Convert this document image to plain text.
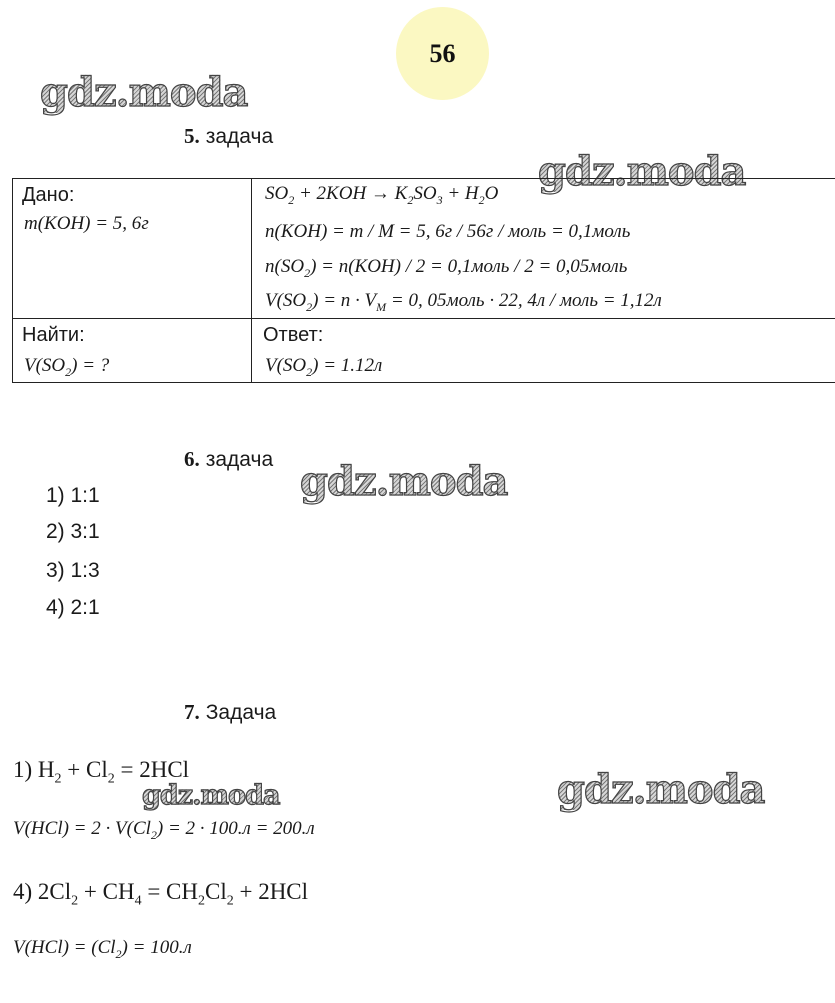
56
gdz.moda
gdz.moda
gdz.moda
gdz.moda	gdz.moda
5. задача
Дано:
m(KOH) = 5, 6г
Найти:
$V(SO_2)$ = ?
$SO_2 + 2KOH \to K_2SO_3 + H_2O$
n(KOH) = m / M = 5, 6г / 56г / моль = 0,1моль
$n(SO_2) = n(KOH) / 2$ = 0,1моль / 2 = 0,05моль
$V(SO_2) = n \cdot V_M = 0$, 05моль · 22, 4л / моль = 1,12л
Ответ:
$V(SO_2) = 1.12л$
6. задача
1) 1:1
2) 3:1
3) 1:3
4) 2:1
7. Задача
1) $H_2 + Cl_2 = 2HCl$
$V(HCl) = 2 \cdot V(Cl_2) = 2 \cdot 100.л = 200.л$
4) $2Cl_2 + CH_4 = CH_2Cl_2 + 2HCl$
$V(HCl) = (Cl_2) = 100.л$
